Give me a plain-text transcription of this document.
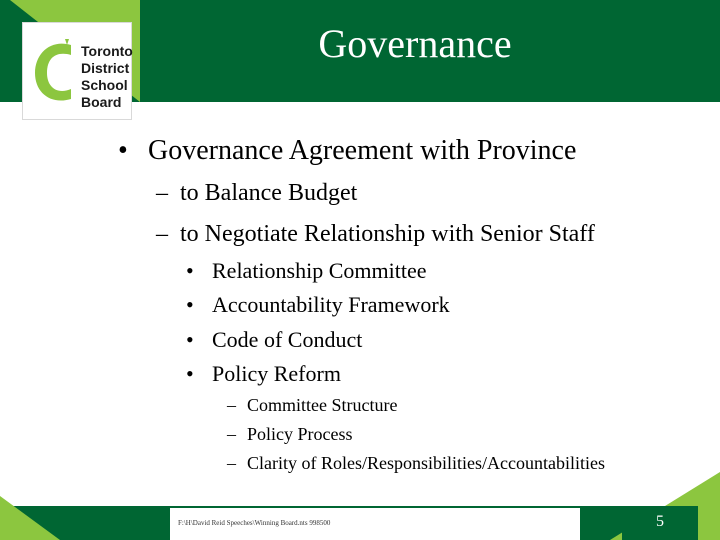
Governance
Toronto
District
School
Board
• Governance Agreement with Province
– to Balance Budget
– to Negotiate Relationship with Senior Staff
• Relationship Committee
• Accountability Framework
• Code of Conduct
• Policy Reform
– Committee Structure
– Policy Process
– Clarity of Roles/Responsibilities/Accountabilities
F:\H\David Reid Speeches\Winning Board.nts 998500	5
